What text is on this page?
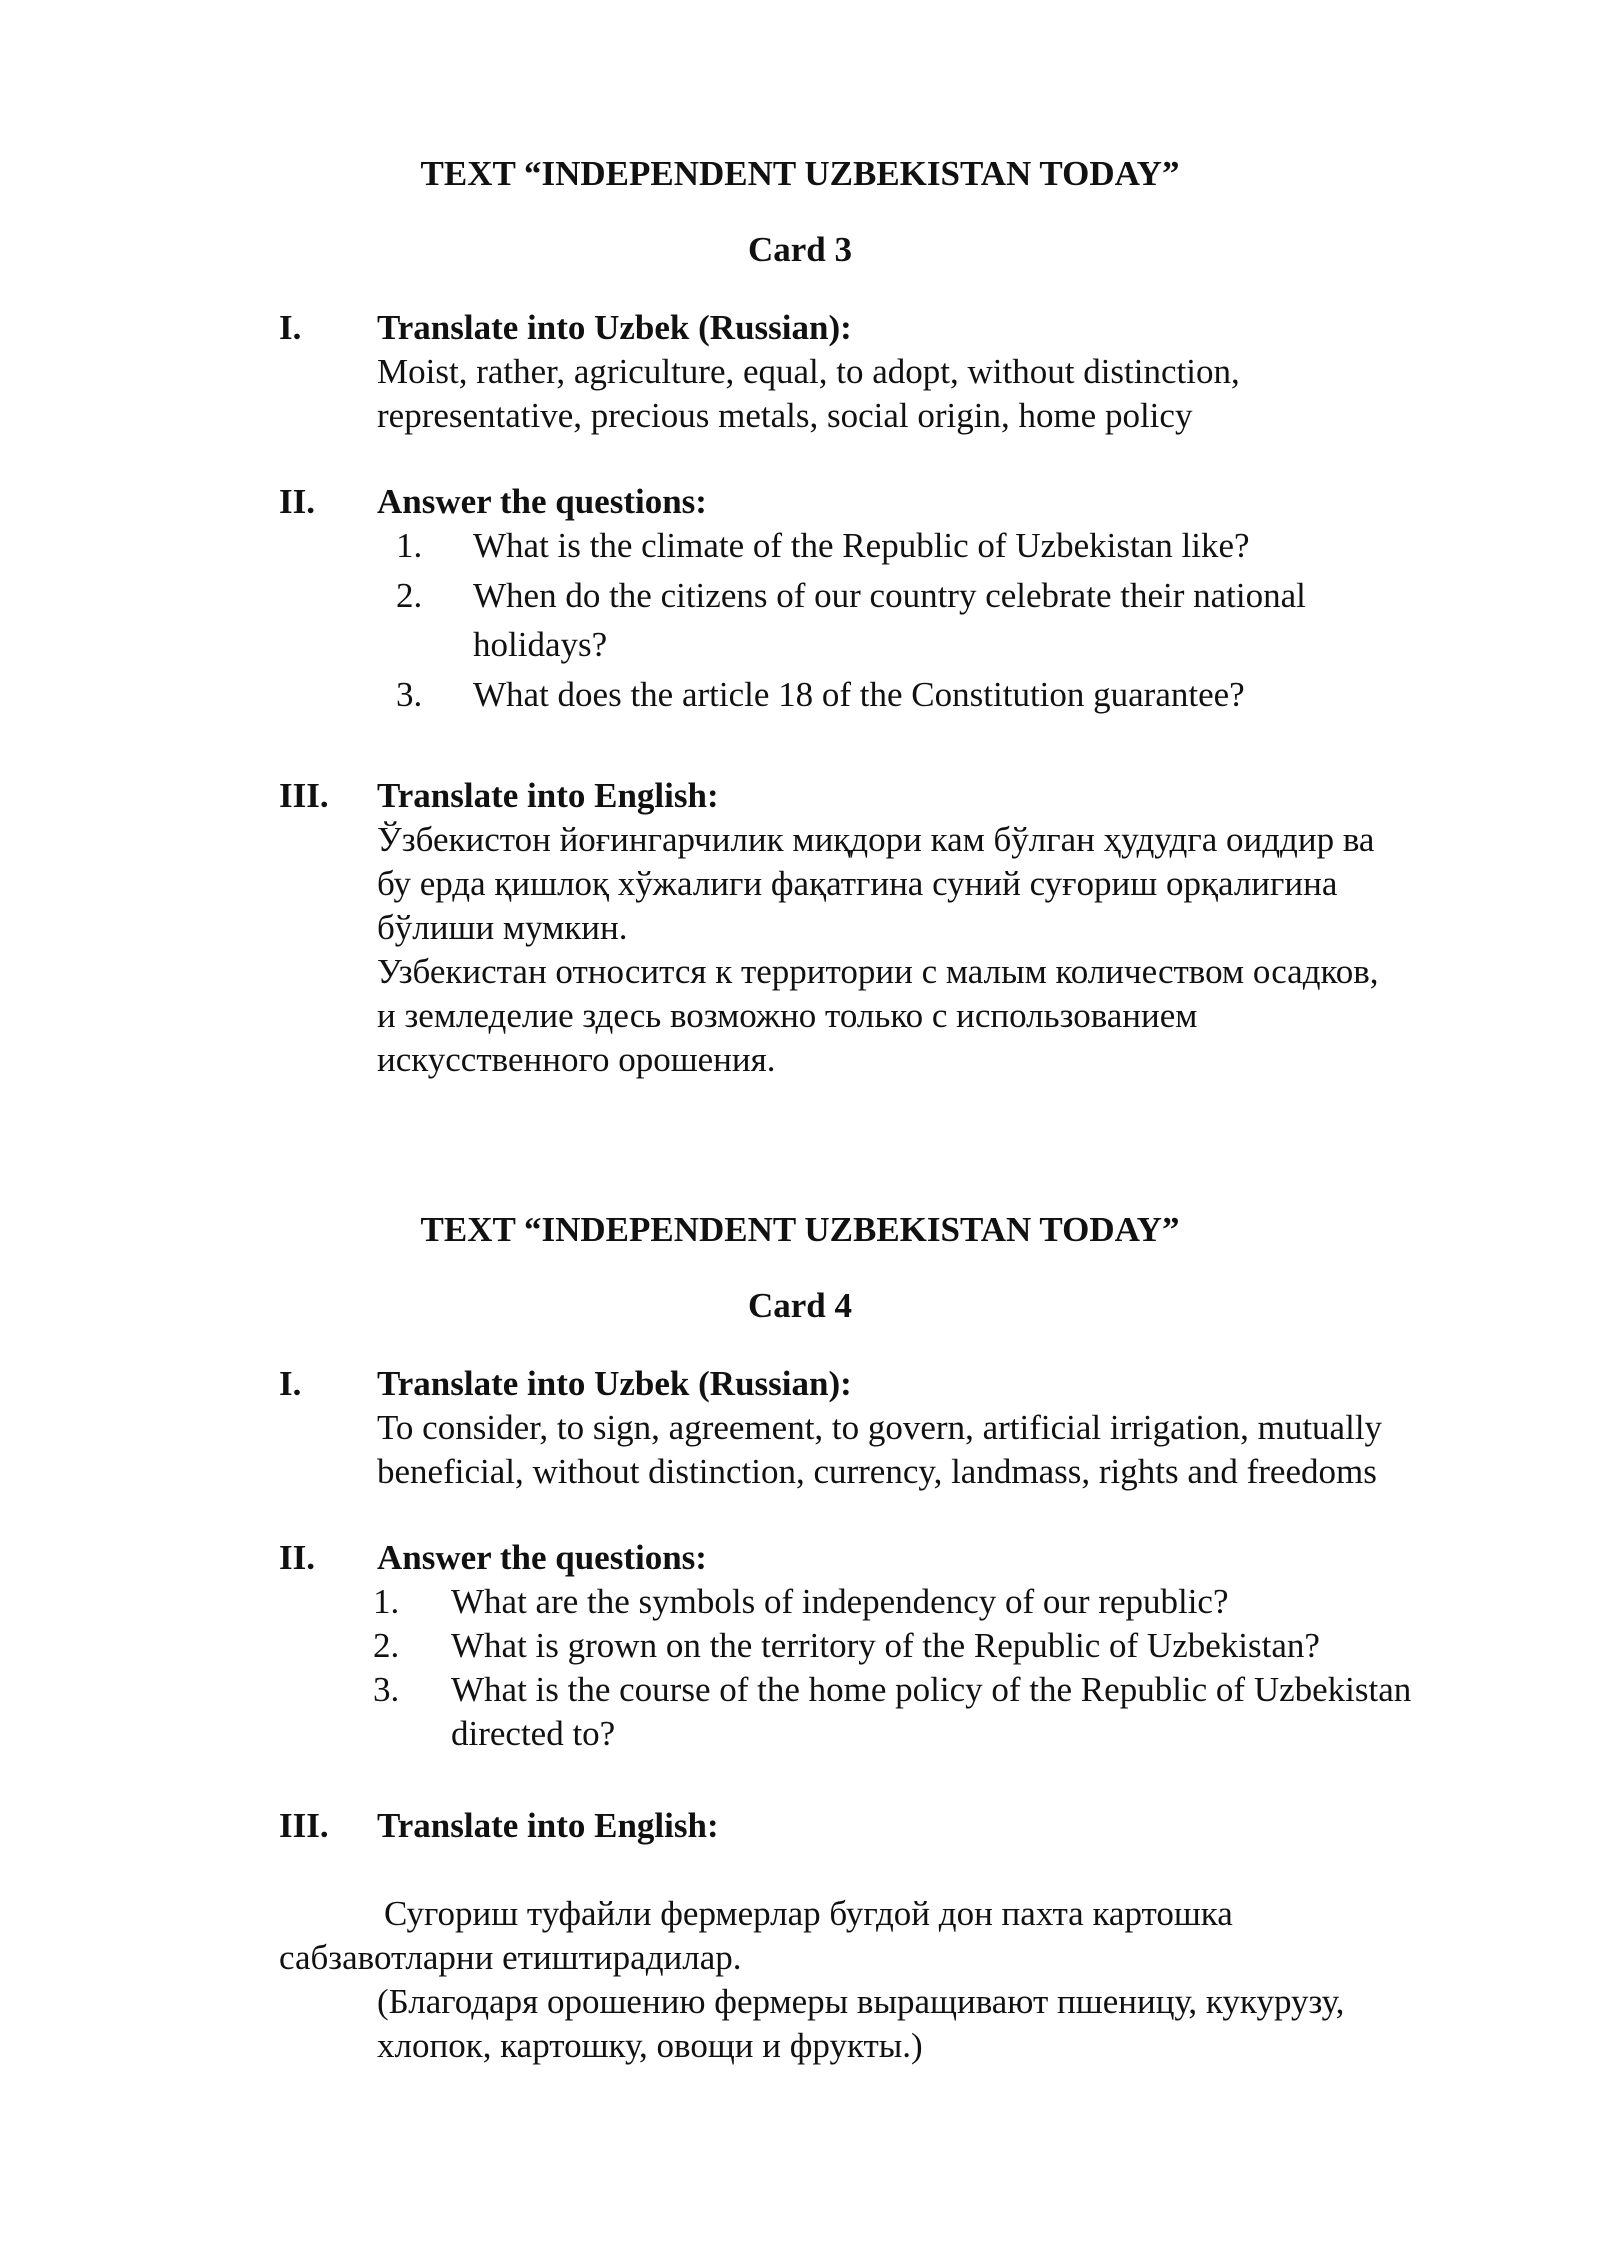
TEXT “INDEPENDENT UZBEKISTAN TODAY”
Card 3
I. Translate into Uzbek (Russian):
Moist, rather, agriculture, equal, to adopt, without distinction,
representative, precious metals, social origin, home policy
II. Answer the questions:
1. What is the climate of the Republic of Uzbekistan like?
2. When do the citizens of our country celebrate their national
holidays?
3. What does the article 18 of the Constitution guarantee?
III. Translate into English:
Ўзбекистон йоғингарчилик миқдори кам бўлган ҳудудга оиддир ва
бу ерда қишлоқ хўжалиги фақатгина суний суғориш орқалигина
бўлиши мумкин.
Узбекистан относится к территории с малым количеством осадков,
и земледелие здесь возможно только с использованием
искусственного орошения.
TEXT “INDEPENDENT UZBEKISTAN TODAY”
Card 4
I. Translate into Uzbek (Russian):
To consider, to sign, agreement, to govern, artificial irrigation, mutually
beneficial, without distinction, currency, landmass, rights and freedoms
II. Answer the questions:
1. What are the symbols of independency of our republic?
2. What is grown on the territory of the Republic of Uzbekistan?
3. What is the course of the home policy of the Republic of Uzbekistan
directed to?
III. Translate into English:
Сугориш туфайли фермерлар бугдой дон пахта картошка
сабзавотларни етиштирадилар.
(Благодаря орошению фермеры выращивают пшеницу, кукурузу,
хлопок, картошку, овощи и фрукты.)
